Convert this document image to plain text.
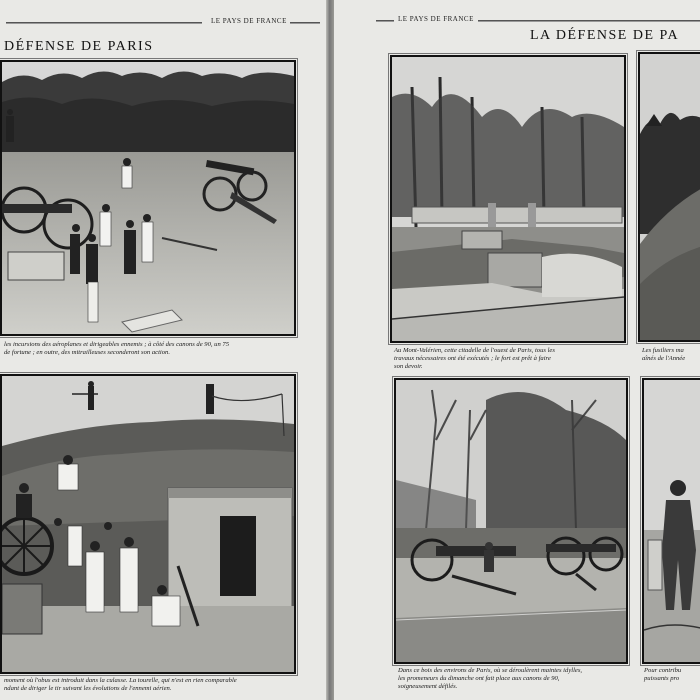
LE PAYS DE FRANCE
DÉFENSE DE PARIS

les incursions des aéroplanes et dirigeables ennemis ; à côté des canons de 90, un 75
de fortune ; en outre, des mitrailleuses seconderont son action.

moment où l'obus est introduit dans la culasse. La tourelle, qui n'est en rien comparable
ndant de diriger le tir suivant les évolutions de l'ennemi aérien.

LE PAYS DE FRANCE
LA DÉFENSE DE PA

Au Mont-Valérien, cette citadelle de l'ouest de Paris, tous les
travaux nécessaires ont été exécutés ; le fort est prêt à faire
son devoir.

Les fusiliers ma
aînés de l'Année

Dans ce bois des environs de Paris, où se déroulèrent maintes idylles,
les promeneurs du dimanche ont fait place aux canons de 90,
soigneusement défilés.

Pour contribu
puissants pro
